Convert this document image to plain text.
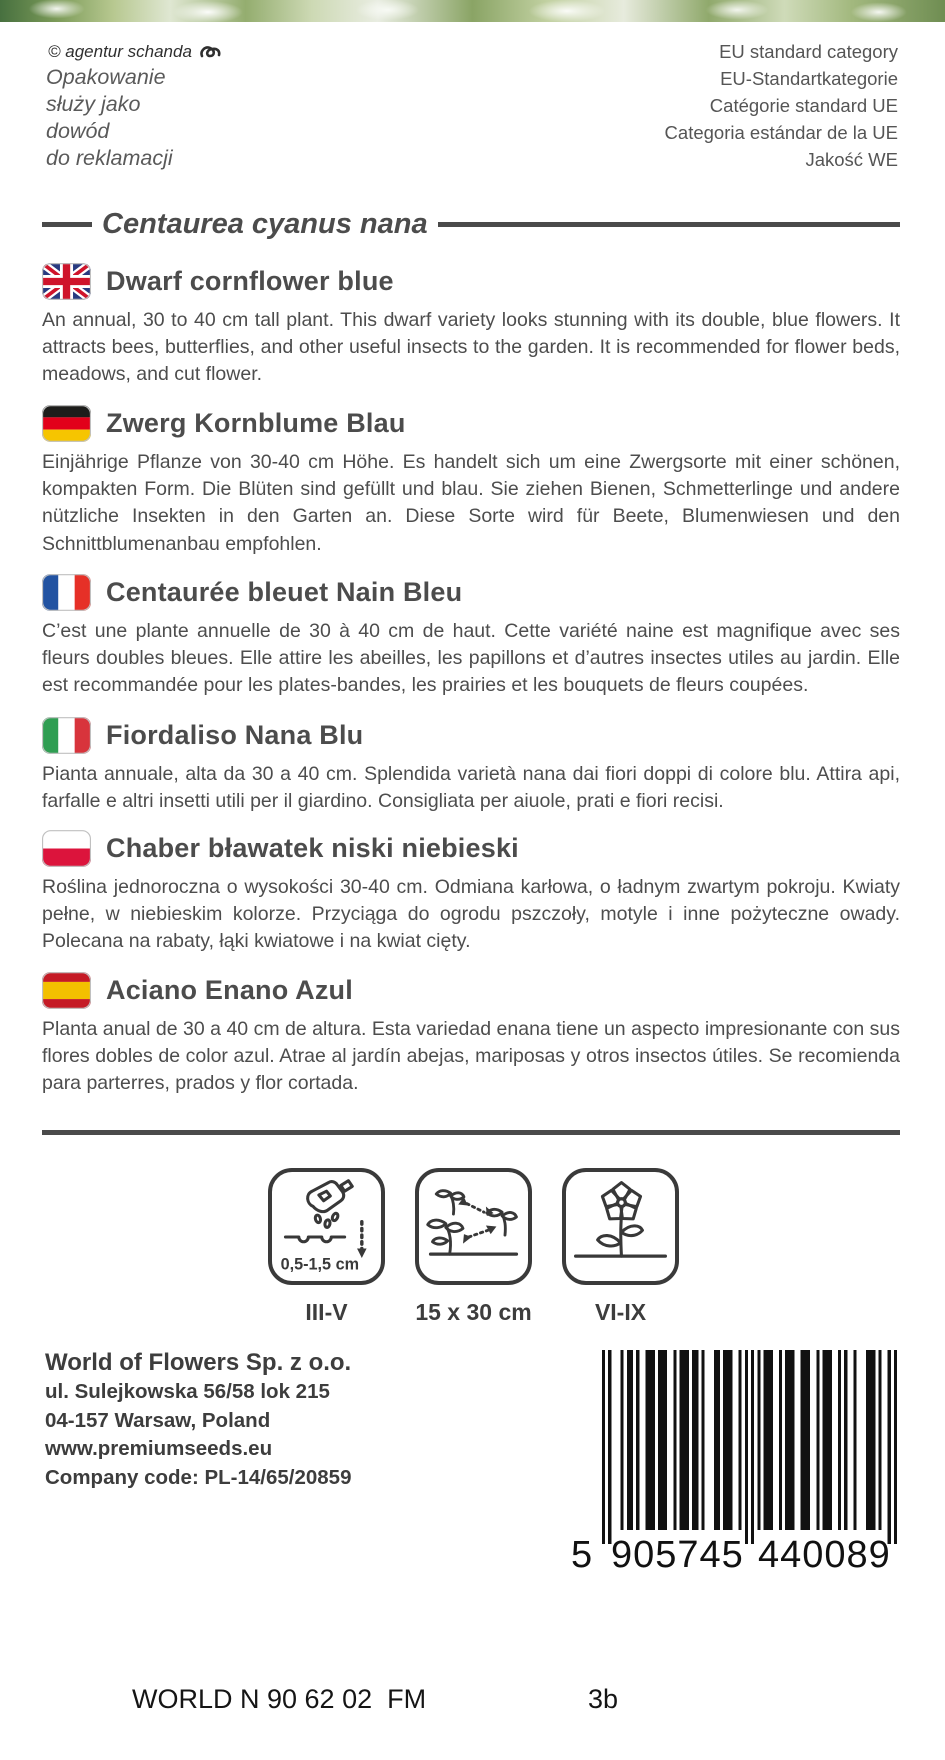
© agentur schanda
Opakowanie
służy jako
dowód
do reklamacji
EU standard category
EU-Standartkategorie
Catégorie standard UE
Categoria estándar de la UE
Jakość WE
Centaurea cyanus nana
Dwarf cornflower blue

An annual, 30 to 40 cm tall plant. This dwarf variety looks stunning with its double, blue flowers. It attracts bees, butterflies, and other useful insects to the garden. It is recommended for flower beds, meadows, and cut flower.

Zwerg Kornblume Blau

Einjährige Pflanze von 30-40 cm Höhe. Es handelt sich um eine Zwergsorte mit einer schönen, kompakten Form. Die Blüten sind gefüllt und blau. Sie ziehen Bienen, Schmetterlinge und andere nützliche Insekten in den Garten an. Diese Sorte wird für Beete, Blumenwiesen und den Schnittblumenanbau empfohlen.

Centaurée bleuet Nain Bleu

C’est une plante annuelle de 30 à 40 cm de haut. Cette variété naine est magnifique avec ses fleurs doubles bleues. Elle attire les abeilles, les papillons et d’autres insectes utiles au jardin. Elle est recommandée pour les plates-bandes, les prairies et les bouquets de fleurs coupées.

Fiordaliso Nana Blu

Pianta annuale, alta da 30 a 40 cm. Splendida varietà nana dai fiori doppi di colore blu. Attira api, farfalle e altri insetti utili per il giardino. Consigliata per aiuole, prati e fiori recisi.

Chaber bławatek niski niebieski

Roślina jednoroczna o wysokości 30-40 cm. Odmiana karłowa, o ładnym zwartym pokroju. Kwiaty pełne, w niebieskim kolorze. Przyciąga do ogrodu pszczoły, motyle i inne pożyteczne owady. Polecana na rabaty, łąki kwiatowe i na kwiat cięty.

Aciano Enano Azul

Planta anual de 30 a 40 cm de altura. Esta variedad enana tiene un aspecto impresionante con sus flores dobles de color azul. Atrae al jardín abejas, mariposas y otros insectos útiles. Se recomienda para parterres, prados y flor cortada.

0,5-1,5 cm
III-V	15 x 30 cm	VI-IX
World of Flowers Sp. z o.o.
ul. Sulejkowska 56/58 lok 215
04-157 Warsaw, Poland
www.premiumseeds.eu
Company code: PL-14/65/20859
5 905745 440089
WORLD N 90 62 02  FM	3b
